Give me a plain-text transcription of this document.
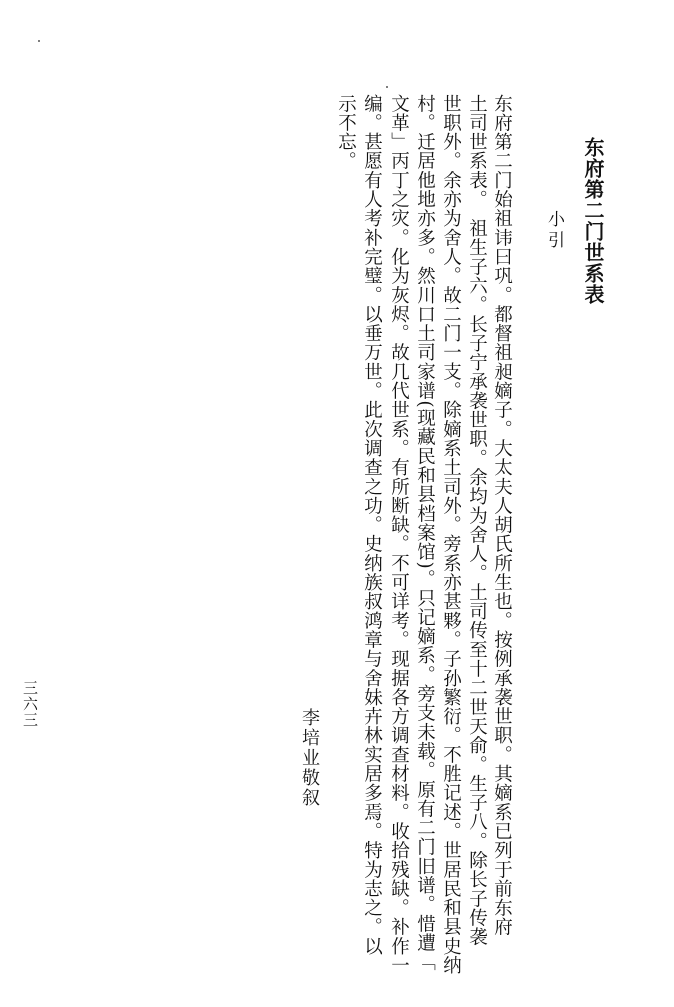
东府第二门世系表
小引
东府第二门始祖讳曰巩。都督祖昶嫡子。大太夫人胡氏所生也。按例承袭世职。其嫡系已列于前东府
土司世系表。　祖生子六。长子宁承袭世职。余均为舍人。土司传至十二世天俞。生子八。除长子传袭
世职外。余亦为舍人。故二门一支。除嫡系土司外。旁系亦甚夥。子孙繁衍。不胜记述。世居民和县史纳
村。迁居他地亦多。然川口土司家谱(现藏民和县档案馆)。只记嫡系。旁支未载。原有二门旧谱。惜遭「
文革」丙丁之灾。化为灰烬。故几代世系。有所断缺。不可详考。现据各方调查材料。收拾残缺。补作一
编。甚愿有人考补完璧。以垂万世。此次调查之功。史纳族叔鸿章与舍妹卉林实居多焉。特为志之。以
示不忘。
李培业敬叙
三六三
